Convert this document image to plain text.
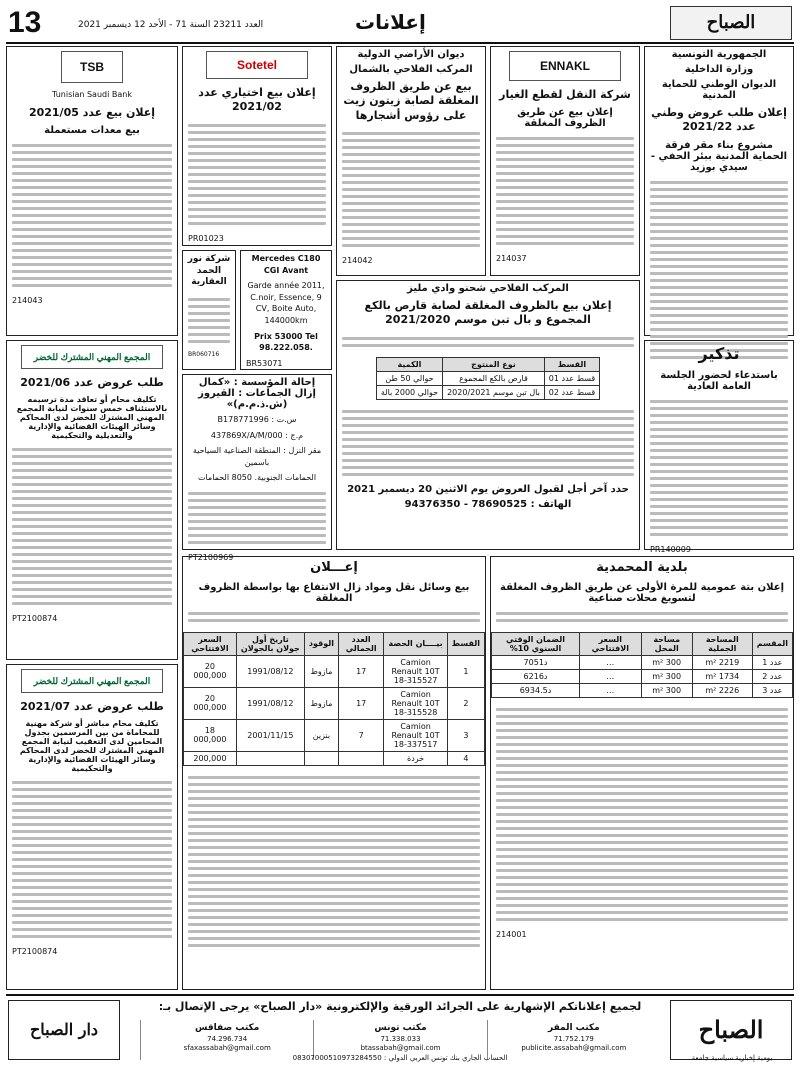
13	العدد 23211 السنة 71 - الأحد 12 ديسمبر 2021	إعلانات	الصباح
الجمهورية التونسية
وزارة الداخلية
الديوان الوطني للحماية المدنية
إعلان طلب عروض وطني عدد 2021/22
مشروع بناء مقر فرقة الحماية المدنية ببئر الحفي - سيدي بوزيد
تذكير
باستدعاء لحضور الجلسة العامة العادية
PR140009
ENNAKL
شركة النقل لقطع الغيار
إعلان بيع عن طريق الظروف المغلقة
214037
ديوان الأراضي الدولية
المركب الفلاحي بالشمال
بيع عن طريق الظروف المغلقة لصابة زيتون زيت على رؤوس أشجارها
214042
المركب الفلاحي شحنو وادي مليز
إعلان بيع بالظروف المغلقة لصابة قارص بالكع المجموع و بال تبن موسم 2021/2020
القسط	نوع المنتوج	الكمية
قسط عدد 01	قارص بالكع المجموع	حوالي 50 طن
قسط عدد 02	بال تبن موسم 2020/2021	حوالي 2000 بالة
حدد آخر أجل لقبول العروض يوم الاثنين 20 ديسمبر 2021
الهاتف : 78690525 - 94376350
Sotetel
إعلان بيع اختياري عدد 2021/02
PR01023
Mercedes C180 CGI Avant
Garde année 2011, C.noir, Essence, 9 CV, Boite Auto, 144000km
Prix 53000 Tel 98.222.058.
BR53071
شركة نور الحمد العقارية
BR060716
إحالة المؤسسة : «كمال إزال الجماعات : القيروز (ش.ذ.م.م)»
س.ت : B178771996
م.ج : 437869X/A/M/000
مقر النزل : المنطقة الصناعية السياحية باسمين
الحمامات الجنوبية. 8050 الحمامات
PT2100969
TSB
Tunisian Saudi Bank
إعلان بيع عدد 2021/05
بيع معدات مستعملة
214043
المجمع المهني المشترك للخضر
طلب عروض عدد 2021/06
تكليف محام أو تعاقد مدة ترسيمه بالاستئناف خمس سنوات لنيابة المجمع المهني المشترك للخضر لدى المحاكم وسائر الهيئات القضائية والإدارية والتعديلية والتحكيمية
PT2100874
المجمع المهني المشترك للخضر
طلب عروض عدد 2021/07
تكليف محام مباشر أو شركة مهنية للمحاماة من بين المرسمين بجدول المحامين لدى التعقيب لنيابة المجمع المهني المشترك للخضر لدى المحاكم وسائر الهيئات القضائية والإدارية والتحكيمية
PT2100874
إعـــلان
بيع وسائل نقل ومواد زال الانتفاع بها بواسطة الظروف المغلقة
القسط	بيــــان الحصة	العدد الجمالي	الوقود	تاريخ أول جولان بالجولان	السعر الافتتاحي
1	Camion Renault 10T 18-315527	17	مازوط	1991/08/12	20 000,000
2	Camion Renault 10T 18-315528	17	مازوط	1991/08/12	20 000,000
3	Camion Renault 10T 18-337517	7	بنزين	2001/11/15	18 000,000
4	خردة				200,000
بلدية المحمدية
إعلان بتة عمومية للمرة الأولى عن طريق الظروف المغلقة لتسويغ محلات صناعية
المقسم	المساحة الجملية	مساحة المحل	السعر الافتتاحي	الضمان الوقتي السنوي 10%
عدد 1	m² 2219	m² 300	…	د7051
عدد 2	m² 1734	m² 300	…	د6216
عدد 3	m² 2226	m² 300	…	د6934.5
214001
الصباح
لجميع إعلاناتكم الإشهارية على الجرائد الورقية والإلكترونية «دار الصباح» يرجى الإتصال بـ:
مكتب المقر
71.752.179
publicite.assabah@gmail.com
مكتب تونس
71.338.033
btassabah@gmail.com
مكتب صفاقس
74.296.734
sfaxassabah@gmail.com
الحساب الجاري بنك تونس العربي الدولي : 08307000510973284550	يومية إخبارية سياسية جامعة
دار الصباح
